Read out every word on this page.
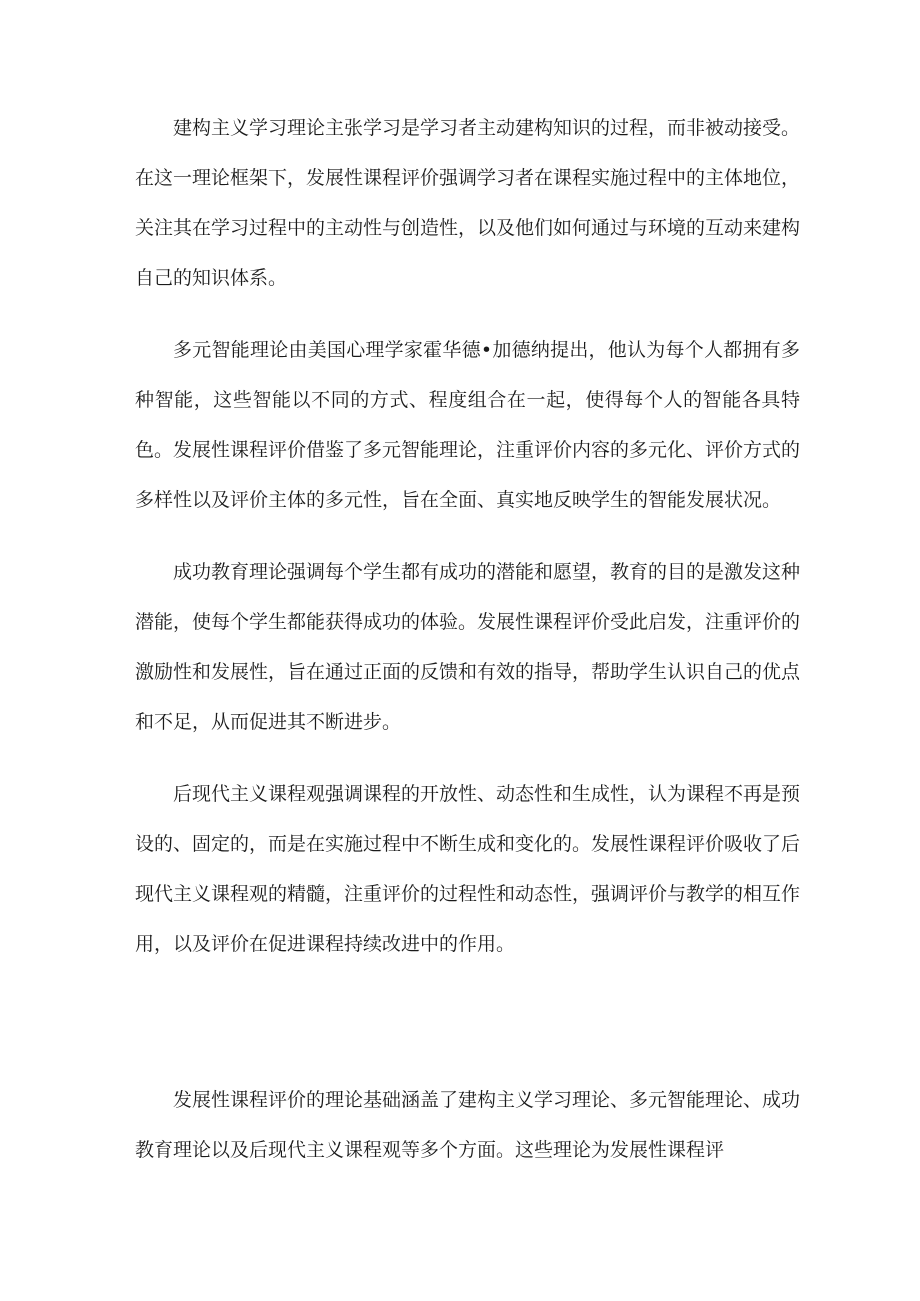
建构主义学习理论主张学习是学习者主动建构知识的过程，而非被动接受。在这一理论框架下，发展性课程评价强调学习者在课程实施过程中的主体地位，关注其在学习过程中的主动性与创造性，以及他们如何通过与环境的互动来建构自己的知识体系。

多元智能理论由美国心理学家霍华德•加德纳提出，他认为每个人都拥有多种智能，这些智能以不同的方式、程度组合在一起，使得每个人的智能各具特色。发展性课程评价借鉴了多元智能理论，注重评价内容的多元化、评价方式的多样性以及评价主体的多元性，旨在全面、真实地反映学生的智能发展状况。

成功教育理论强调每个学生都有成功的潜能和愿望，教育的目的是激发这种潜能，使每个学生都能获得成功的体验。发展性课程评价受此启发，注重评价的激励性和发展性，旨在通过正面的反馈和有效的指导，帮助学生认识自己的优点和不足，从而促进其不断进步。

后现代主义课程观强调课程的开放性、动态性和生成性，认为课程不再是预设的、固定的，而是在实施过程中不断生成和变化的。发展性课程评价吸收了后现代主义课程观的精髓，注重评价的过程性和动态性，强调评价与教学的相互作用，以及评价在促进课程持续改进中的作用。

发展性课程评价的理论基础涵盖了建构主义学习理论、多元智能理论、成功教育理论以及后现代主义课程观等多个方面。这些理论为发展性课程评
